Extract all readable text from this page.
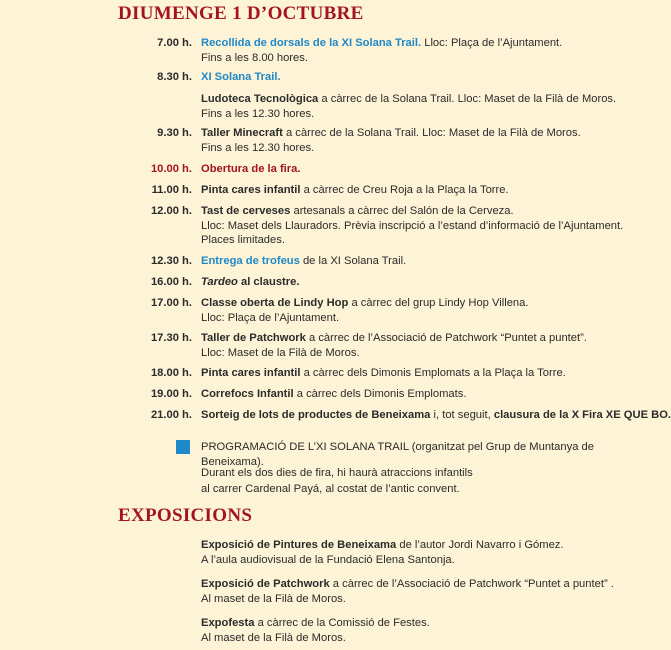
DIUMENGE 1 D’OCTUBRE
7.00 h. Recollida de dorsals de la XI Solana Trail. Lloc: Plaça de l’Ajuntament.
Fins a les 8.00 hores.
8.30 h. XI Solana Trail.
Ludoteca Tecnològica a càrrec de la Solana Trail. Lloc: Maset de la Filà de Moros.
Fins a les 12.30 hores.
9.30 h. Taller Minecraft a càrrec de la Solana Trail. Lloc: Maset de la Filà de Moros.
Fins a les 12.30 hores.
10.00 h. Obertura de la fira.
11.00 h. Pinta cares infantil a càrrec de Creu Roja a la Plaça la Torre.
12.00 h. Tast de cerveses artesanals a càrrec del Salón de la Cerveza.
Lloc: Maset dels Llauradors. Prèvia inscripció a l’estand d’informació de l’Ajuntament.
Places limitades.
12.30 h. Entrega de trofeus de la XI Solana Trail.
16.00 h. Tardeo al claustre.
17.00 h. Classe oberta de Lindy Hop a càrrec del grup Lindy Hop Villena.
Lloc: Plaça de l’Ajuntament.
17.30 h. Taller de Patchwork a càrrec de l’Associació de Patchwork “Puntet a puntet”.
Lloc: Maset de la Filà de Moros.
18.00 h. Pinta cares infantil a càrrec dels Dimonis Emplomats a la Plaça la Torre.
19.00 h. Correfocs Infantil a càrrec dels Dimonis Emplomats.
21.00 h. Sorteig de lots de productes de Beneixama i, tot seguit, clausura de la X Fira XE QUE BO.
PROGRAMACIÓ DE L’XI SOLANA TRAIL (organitzat pel Grup de Muntanya de Beneixama).
Durant els dos dies de fira, hi haurà atraccions infantils
al carrer Cardenal Payá, al costat de l’antic convent.
EXPOSICIONS
Exposició de Pintures de Beneixama de l’autor Jordi Navarro i Gómez.
A l’aula audiovisual de la Fundació Elena Santonja.
Exposició de Patchwork a càrrec de l’Associació de Patchwork “Puntet a puntet” .
Al maset de la Filà de Moros.
Expofesta a càrrec de la Comissió de Festes.
Al maset de la Filà de Moros.
